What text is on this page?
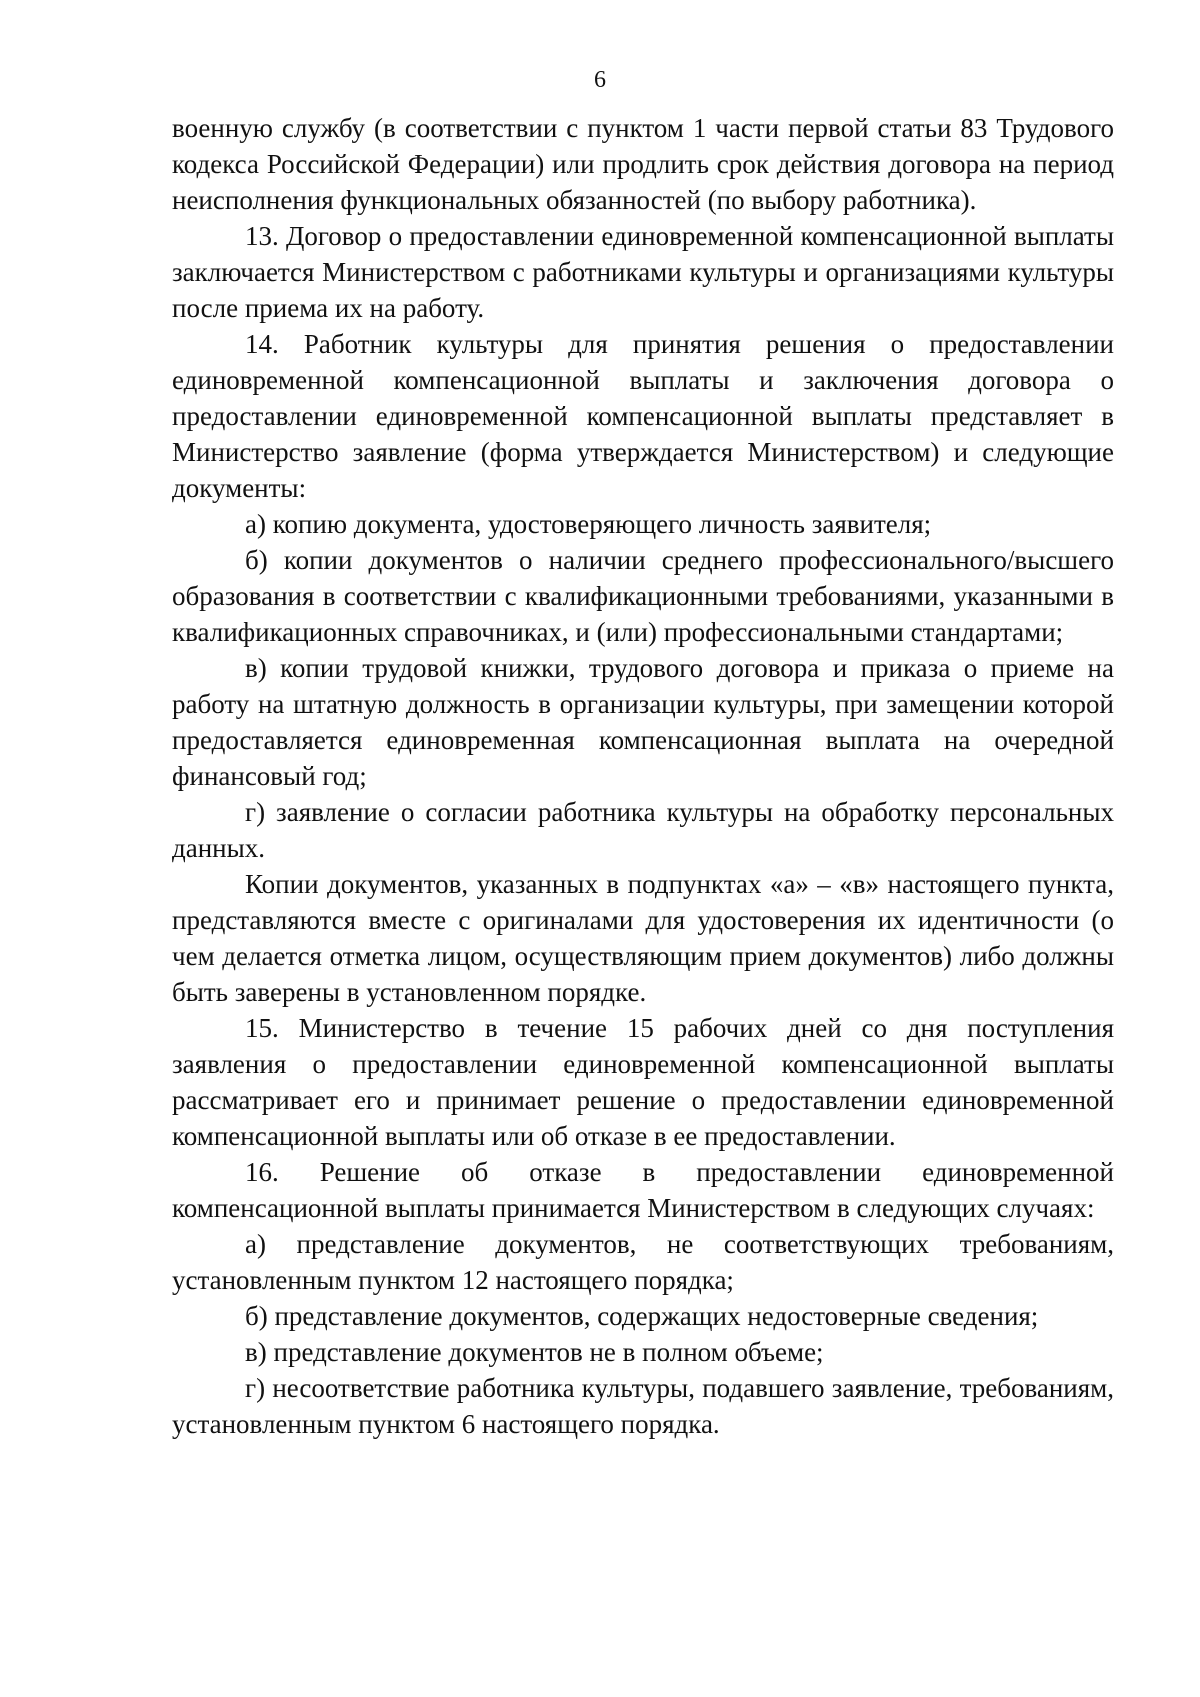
6

военную службу (в соответствии с пунктом 1 части первой статьи 83 Трудового кодекса Российской Федерации) или продлить срок действия договора на период неисполнения функциональных обязанностей (по выбору работника).

13. Договор о предоставлении единовременной компенсационной выплаты заключается Министерством с работниками культуры и организациями культуры после приема их на работу.

14. Работник культуры для принятия решения о предоставлении единовременной компенсационной выплаты и заключения договора о предоставлении единовременной компенсационной выплаты представляет в Министерство заявление (форма утверждается Министерством) и следующие документы:

а) копию документа, удостоверяющего личность заявителя;

б) копии документов о наличии среднего профессионального/высшего образования в соответствии с квалификационными требованиями, указанными в квалификационных справочниках, и (или) профессиональными стандартами;

в) копии трудовой книжки, трудового договора и приказа о приеме на работу на штатную должность в организации культуры, при замещении которой предоставляется единовременная компенсационная выплата на очередной финансовый год;

г) заявление о согласии работника культуры на обработку персональных данных.

Копии документов, указанных в подпунктах «а» – «в» настоящего пункта, представляются вместе с оригиналами для удостоверения их идентичности (о чем делается отметка лицом, осуществляющим прием документов) либо должны быть заверены в установленном порядке.

15. Министерство в течение 15 рабочих дней со дня поступления заявления о предоставлении единовременной компенсационной выплаты рассматривает его и принимает решение о предоставлении единовременной компенсационной выплаты или об отказе в ее предоставлении.

16. Решение об отказе в предоставлении единовременной компенсационной выплаты принимается Министерством в следующих случаях:

а) представление документов, не соответствующих требованиям, установленным пунктом 12 настоящего порядка;

б) представление документов, содержащих недостоверные сведения;

в) представление документов не в полном объеме;

г) несоответствие работника культуры, подавшего заявление, требованиям, установленным пунктом 6 настоящего порядка.
